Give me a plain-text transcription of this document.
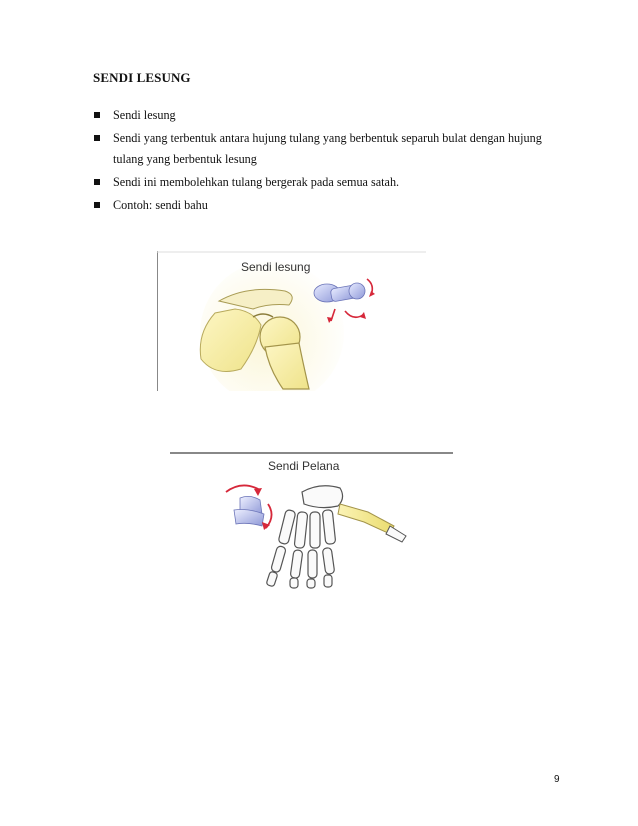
SENDI LESUNG
Sendi lesung
Sendi yang terbentuk antara hujung tulang yang berbentuk separuh bulat dengan hujung tulang yang berbentuk lesung
Sendi ini membolehkan tulang bergerak pada semua satah.
Contoh: sendi bahu
Sendi lesung
Sendi Pelana
9
